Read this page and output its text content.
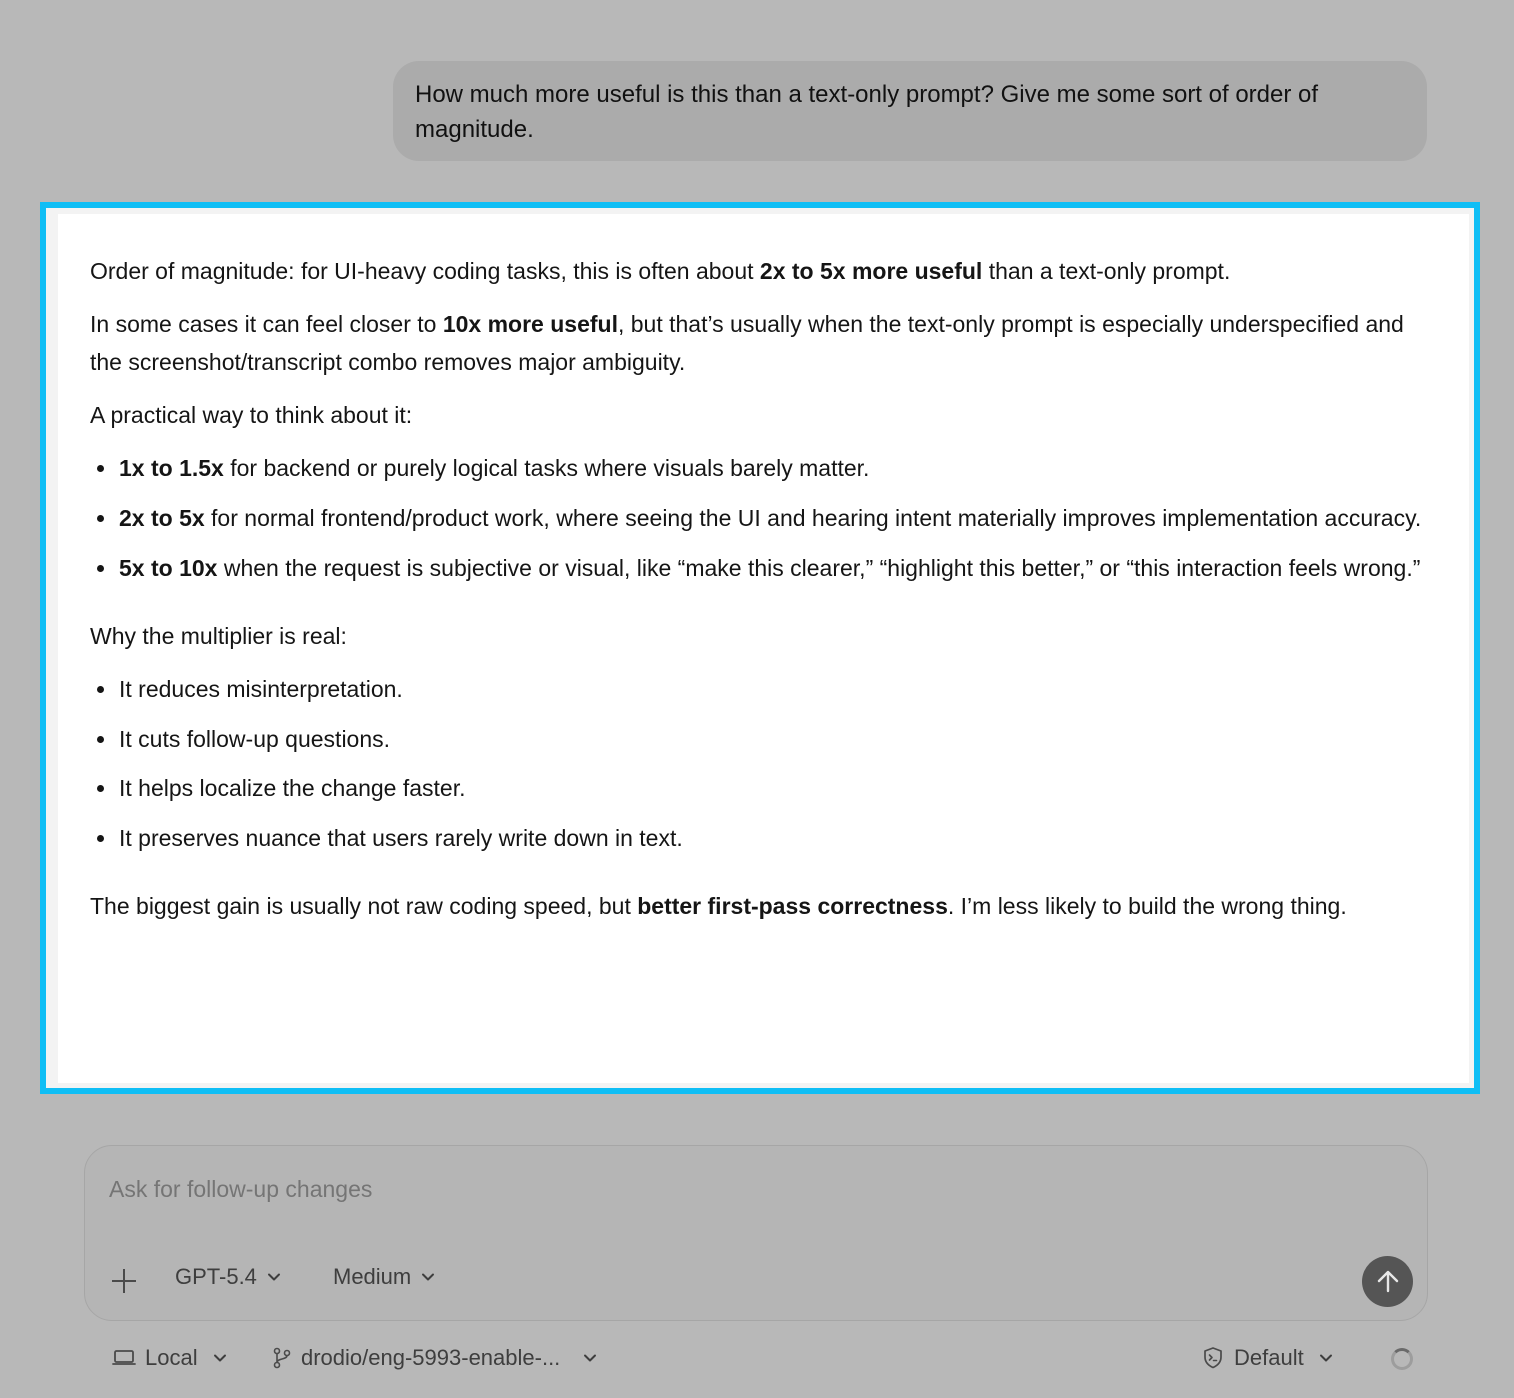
How much more useful is this than a text-only prompt? Give me some sort of order of magnitude.

Order of magnitude: for UI-heavy coding tasks, this is often about 2x to 5x more useful than a text-only prompt.

In some cases it can feel closer to 10x more useful, but that’s usually when the text-only prompt is especially underspecified and the screenshot/transcript combo removes major ambiguity.

A practical way to think about it:

1x to 1.5x for backend or purely logical tasks where visuals barely matter.
2x to 5x for normal frontend/product work, where seeing the UI and hearing intent materially improves implementation accuracy.
5x to 10x when the request is subjective or visual, like “make this clearer,” “highlight this better,” or “this interaction feels wrong.”

Why the multiplier is real:

It reduces misinterpretation.
It cuts follow-up questions.
It helps localize the change faster.
It preserves nuance that users rarely write down in text.

The biggest gain is usually not raw coding speed, but better first-pass correctness. I’m less likely to build the wrong thing.

Ask for follow-up changes
GPT-5.4	Medium
Local	drodio/eng-5993-enable-...	Default
